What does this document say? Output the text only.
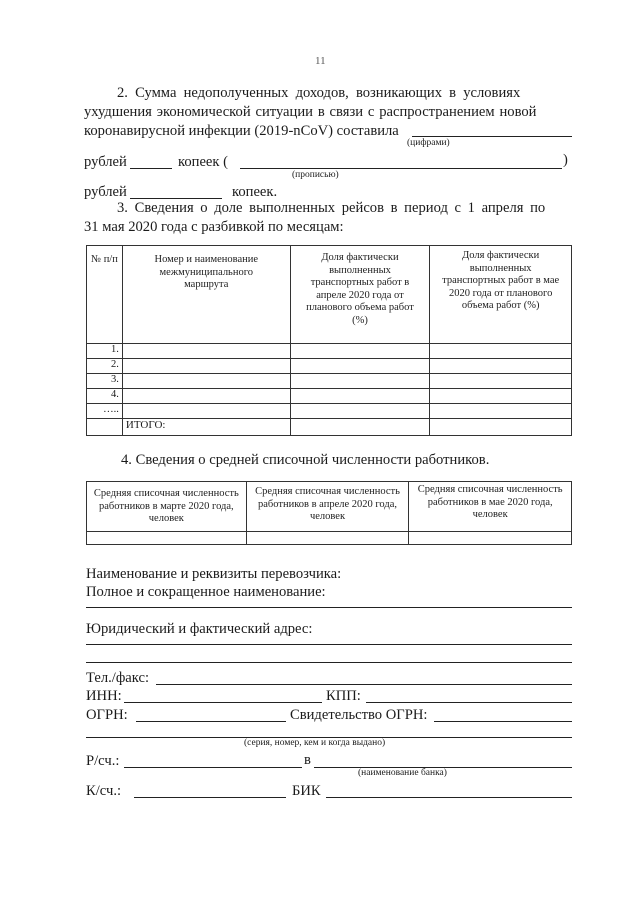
11
2. Сумма недополученных доходов, возникающих в условиях
ухудшения экономической ситуации в связи с распространением новой
коронавирусной инфекции (2019-nCoV) составила
(цифрами)
рублей	копеек (	)
(прописью)
рублей	копеек.
3. Сведения о доле выполненных рейсов в период с 1 апреля по
31 мая 2020 года с разбивкой по месяцам:
№ п/п	Номер и наименование межмуниципального маршрута	Доля фактически выполненных транспортных работ в апреле 2020 года от планового объема работ (%)	Доля фактически выполненных транспортных работ в мае 2020 года от планового объема работ (%)

1.			
2.			
3.			
4.			
…..			
	ИТОГО:		
4. Сведения о средней списочной численности работников.
Средняя списочная численность работников в марте 2020 года, человек	Средняя списочная численность работников в апреле 2020 года, человек	Средняя списочная численность работников в мае 2020 года, человек

Наименование и реквизиты перевозчика:
Полное и сокращенное наименование:
Юридический и фактический адрес:
Тел./факс:
ИНН:	КПП:
ОГРН:	Свидетельство ОГРН:
(серия, номер, кем и когда выдано)
Р/сч.:	в
(наименование банка)
К/сч.:	БИК
